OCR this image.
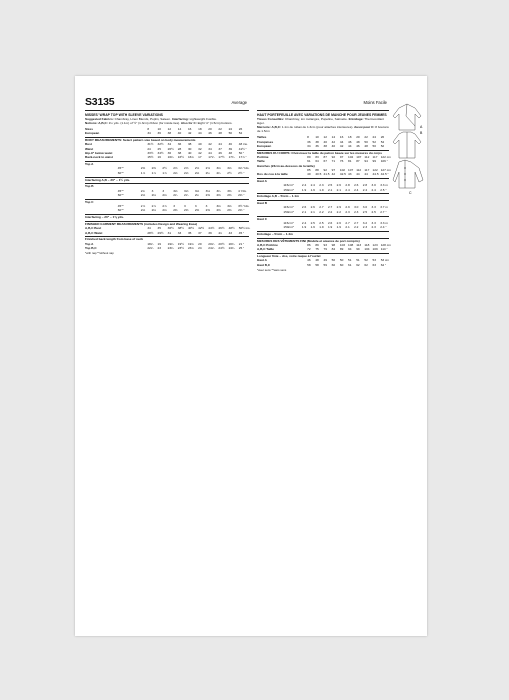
S3135	Average
MISSES' WRAP TOP WITH SLEEVE VARIATIONS
Suggested Fabrics: Chambray, Linen Blends, Poplin, Sateen. Interfacing: Lightweight Fusible.
Notions: A,B,C: 1¼ yds. (1.1m) of ½" (1.3cm) ribbon (for inside ties). Also for C: Eight ⅝" (1.5cm) buttons.
Sizes	8	10	12	14	16	18	20	22	24	26
European	34	36	38	40	42	44	46	48	50	52
BODY MEASUREMENTS: Select pattern size based on body measurements
Bust	31½	32½	34	36	38	40	42	44	46	48 ins.
Waist	24	25	26½	28	30	32	34	37	39	41½ "
Hip-9" below waist	33½	34½	36	38	40	42	44	46	48	50 "
Back-neck to waist	15½	16	16¼	16½	16¾	17	17¼	17½	17¾	17⅞ "
Top A
	45"*	2⅜	2⅜	2½	2⅝	2⅝	2⅝	2⅝	3⅛	3⅛	3⅛ Yds.
	60"*	1⅞	1⅞	1⅞	2⅛	2⅛	2⅛	2¼	2¼	2½	2½ "
Interfacing A,B – 20" – 1¼ yds.
Top B
	45"*	2¾	3	3	3⅛	3⅛	3⅛	3⅛	3¼	3⅜	4 Yds.
	60"*	2⅛	2⅛	2⅛	2¼	2¼	2¼	2⅜	2⅜	2⅜	2⅜ "
Top C
	45"*	2⅞	2⅞	2⅞	3	3	3	3	3⅛	3⅛	3½ Yds.
	60"*	2⅛	2⅛	2⅛	2⅜	2⅜	2⅜	2⅜	2⅜	2⅜	2⅜ "
Interfacing – 20" – 1⅜ yds.
FINISHED GARMENT MEASUREMENTS (includes Design and Wearing Ease)
A,B,C Bust	34	35	36½	38½	40½	42½	44½	46½	48½	50½ ins.
A,B,C Waist	28½	29½	31	33	35	37	39	41	43	45 "
Finished back length from base of neck
Top A	18¼	19	19¼	19½	19¾	20	20¼	20½	20¾	21 "
Top B,C	22¼	23	23¼	23½	23¾	24	24¼	24½	24¾	25 "
*with nap **without nap
Moins Facile
HAUT PORTEFEUILLE AVEC VARIATIONS DE MANCHE POUR JEUNES FEMMES
Tissus Conseillés: Chambray, Lin mélangés, Popeline, Satinette. Entoilage: Thermocollant léger.
Mercerie: A,B,C: 1.1m de ruban de 1.3cm (pour attaches intérieures). Aussi pour C: 8 boutons de 1.5cm
Tailles	8	10	12	14	16	18	20	22	24	26
Françaises	36	38	40	42	44	46	48	50	52	54
Européen	34	36	38	40	42	44	46	48	50	52
MESURES DU CORPS: Choisissez la taille du patron basée sur les mesures du corps
Poitrine	80	83	87	92	97	102	107	112	117	122 cm
Taille	61	64	67	71	76	81	87	94	99	106 "
Hanches (23cm au-dessous de la taille)										
	85	88	92	97	102	107	112	117	122	127 cm
Dos du cou à la taille	40	40.5	41.5	42	42.5	43	44	44	44.5	44.5 "
Haut A
	115cm*	2.4	2.4	2.3	2.5	2.6	2.8	2.6	2.8	3.0	3.3 m
	150cm*	1.9	1.9	1.9	2.1	2.1	2.4	2.4	2.4	2.4	2.5 "
Entoilage A,B – 51cm – 1.1m
Haut B
	115cm*	2.6	2.6	2.7	2.7	2.9	2.9	3.0	3.0	3.3	3.7 m
	150cm*	2.1	2.1	2.2	2.2	2.2	2.3	2.3	2.5	2.5	2.7 "
Haut C
	115cm*	2.4	2.5	2.5	2.6	2.6	2.7	2.7	3.2	3.3	3.3 m
	150cm*	1.9	1.9	1.9	1.9	1.9	2.1	2.2	2.3	2.3	2.4 "
Entoilage – 51cm – 1.4m
MESURES DES VÊTEMENTS FINI (Modèle et aisance de port compris)
A,B,C Poitrine	86	89	93	98	103	108	113	118	123	128 cm
A,B,C Taille	72	75	79	84	89	94	99	104	109	114 "
Longueur finie – dos, votre nuque à l'ourlet
Haut A	46	48	49	50	50	51	51	52	53	53 cm
Haut B,C	58	58	59	60	60	61	62	62	63	64 "
*avec sens **sans sens
A
B
C
